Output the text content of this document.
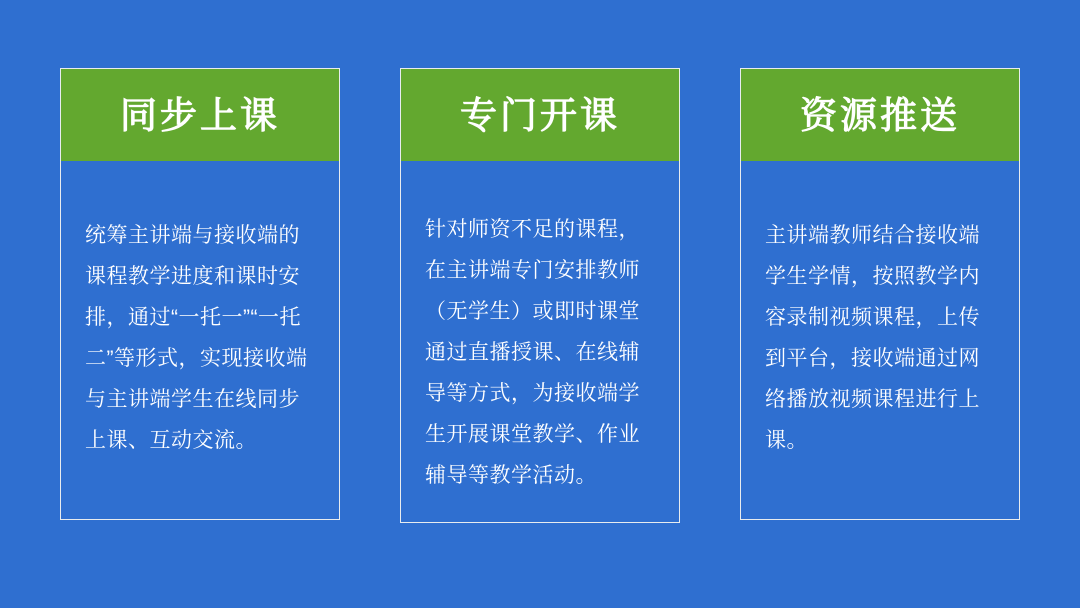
同步上课
统筹主讲端与接收端的课程教学进度和课时安排，通过“一托一”“一托二”等形式，实现接收端与主讲端学生在线同步上课、互动交流。
专门开课
针对师资不足的课程，在主讲端专门安排教师（无学生）或即时课堂通过直播授课、在线辅导等方式，为接收端学生开展课堂教学、作业辅导等教学活动。
资源推送
主讲端教师结合接收端学生学情，按照教学内容录制视频课程，上传到平台，接收端通过网络播放视频课程进行上课。
